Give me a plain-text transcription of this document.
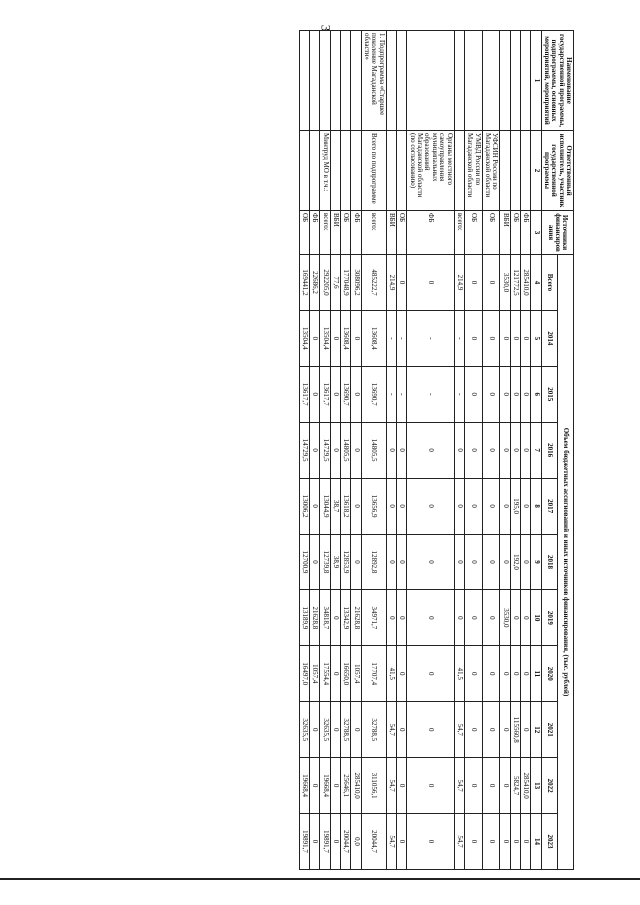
3
Наименование государственной программы, подпрограммы, основных мероприятий, мероприятий	Ответственный исполнитель, участник государственной программы	Источники финансирования	Объем бюджетных ассигнований и иных источников финансирования, (тыс. рублей)										
			Всего	2014	2015	2016	2017	2018	2019	2020	2021	2022	2023
1	2	3	4	5	6	7	8	9	10	11	12	13	14
		ФБ	285410,0	0	0	0	0	0	0	0	0	285410,0	0
		ОБ	121772,5	0	0	0	195,0	192,0	0	0	115560,8	5824,7	0
		ВБИ	3530,0	0	0	0	0	0	3530,0	0	0	0	0
	УФСИН России по Магаданской области	ОБ	0	0	0	0	0	0	0	0	0	0	0
	УМВД России по Магаданской области	ОБ	0	0	0	0	0	0	0	0	0	0	0
		всего:	214,9	-	-	0	0	0	0	41,5	54,7	54,7	54,7
	Органы местного самоуправления муниципальных образований Магаданской области (по согласованию)	ФБ	0	-	-	0	0	0	0	0	0	0	0
		ОБ	0	-	-	0	0	0	0	0	0	0	0
		ВБИ	214,9	-	-	0	0	0	0	41,5	54,7	54,7	54,7
1. Подпрограмма «Старшее поколение Магаданской области»	Всего по подпрограмме	всего:	485222,7	13608,4	13690,7	14805,5	13656,9	12892,8	34971,7	17707,4	32788,5	311056,1	20044,7
		ФБ	308096,2	0	0	0	0	0	21628,8	1057,4	0	285410,0	0,0
		ОБ	177048,9	13608,4	13690,7	14805,5	13618,2	12853,9	13342,9	16650,0	32788,5	25646,1	20044,7
		ВБИ	77,6	0	0	0	38,7	38,9	0	0	0	0	0
	Минтруд МО в т.ч.:	всего:	292205,0	13504,4	13617,7	14729,5	13044,9	12739,8	34818,7	17554,4	32635,5	19668,4	19891,7
		ФБ	22686,2	0	0	0	0	0	21628,8	1057,4	0	0	0
		ОБ	169441,2	13504,4	13617,7	14729,5	13006,2	12700,9	13189,9	16497,0	32635,5	19668,4	19891,7
